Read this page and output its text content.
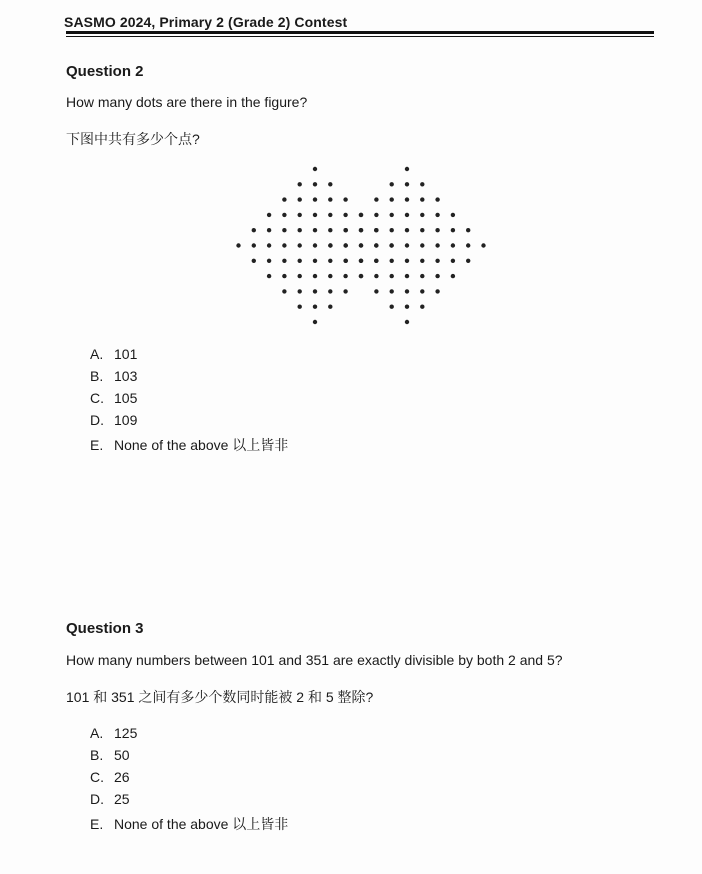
SASMO 2024, Primary 2 (Grade 2) Contest
Question 2
How many dots are there in the figure?
下图中共有多少个点?
A. 101
B. 103
C. 105
D. 109
E. None of the above 以上皆非
Question 3
How many numbers between 101 and 351 are exactly divisible by both 2 and 5?
101 和 351 之间有多少个数同时能被 2 和 5 整除?
A. 125
B. 50
C. 26
D. 25
E. None of the above 以上皆非
